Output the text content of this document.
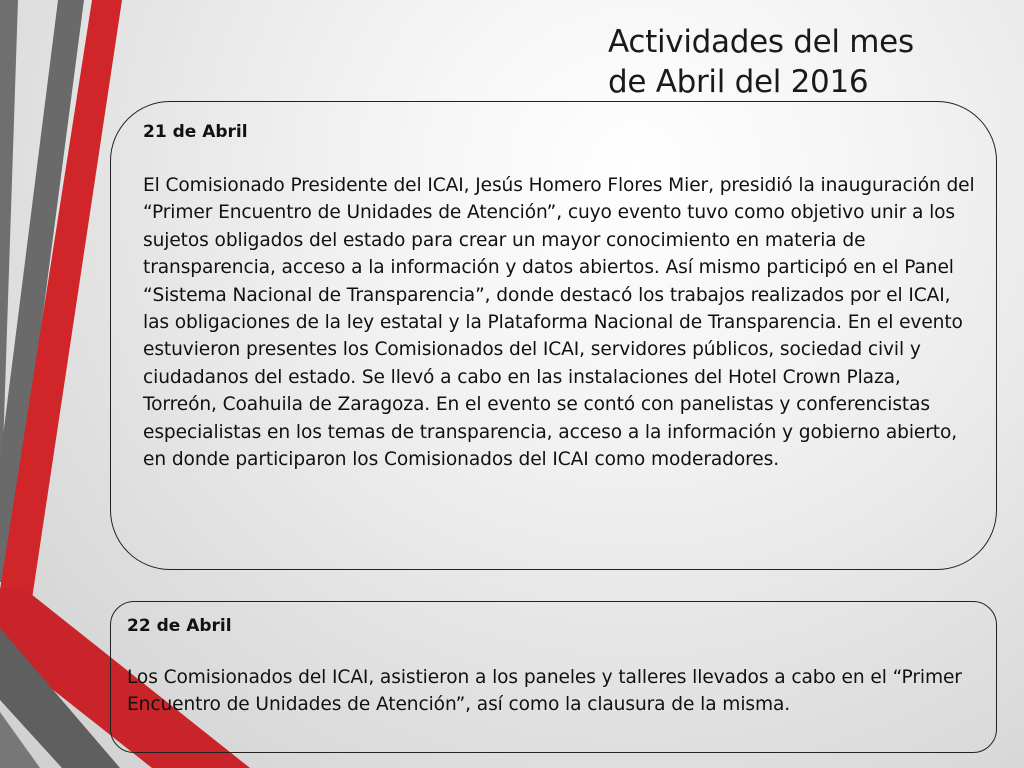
Actividades del mes
de Abril del 2016
21 de Abril
El Comisionado Presidente del ICAI, Jesús Homero Flores Mier, presidió la inauguración del “Primer Encuentro de Unidades de Atención”, cuyo evento tuvo como objetivo unir a los sujetos obligados del estado para crear un mayor conocimiento en materia de transparencia, acceso a la información y datos abiertos. Así mismo participó en el Panel “Sistema Nacional de Transparencia”, donde destacó los trabajos realizados por el ICAI, las obligaciones de la ley estatal y la Plataforma Nacional de Transparencia. En el evento estuvieron presentes los Comisionados del ICAI, servidores públicos, sociedad civil y ciudadanos del estado. Se llevó a cabo en las instalaciones del Hotel Crown Plaza, Torreón, Coahuila de Zaragoza. En el evento se contó con panelistas y conferencistas especialistas en los temas de transparencia, acceso a la información y gobierno abierto, en donde participaron los Comisionados del ICAI como moderadores.
22 de Abril
Los Comisionados del ICAI, asistieron a los paneles y talleres llevados a cabo en el “Primer Encuentro de Unidades de Atención”, así como la clausura de la misma.
